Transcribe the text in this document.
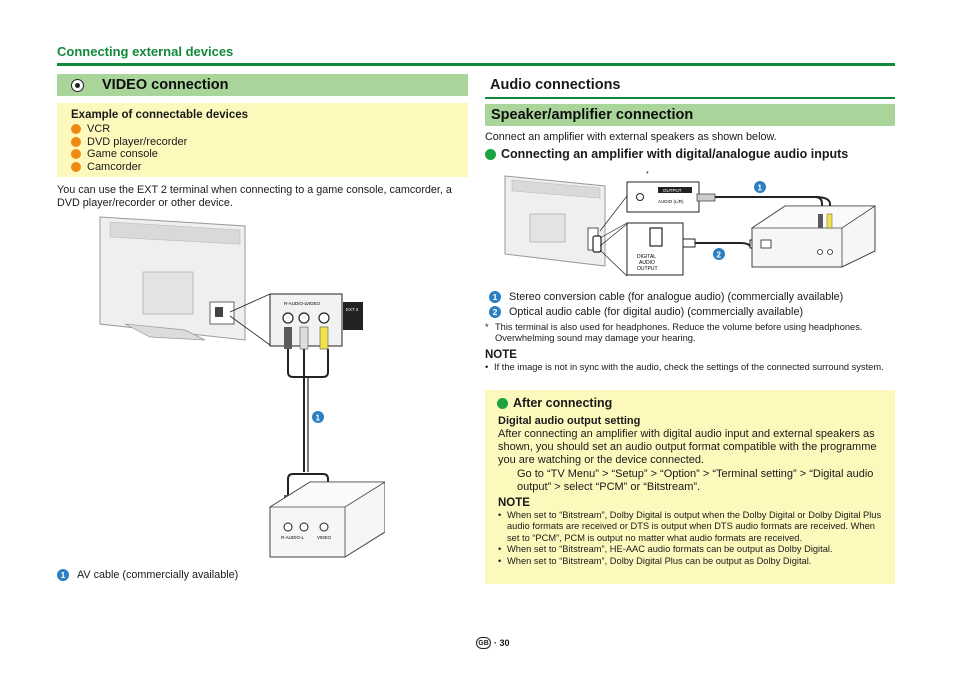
Connecting external devices
VIDEO connection
Example of connectable devices
VCR
DVD player/recorder
Game console
Camcorder
You can use the EXT 2 terminal when connecting to a game console, camcorder, a DVD player/recorder or other device.
R-AUDIO-L
VIDEO
EXT 2
1
R-AUDIO-L	VIDEO
1	AV cable (commercially available)
Audio connections
Speaker/amplifier connection
Connect an amplifier with external speakers as shown below.
Connecting an amplifier with digital/analogue audio inputs
*
OUTPUT
AUDIO (L/R)
1
DIGITAL
AUDIO
OUTPUT
2
1	Stereo conversion cable (for analogue audio) (commercially available)
2	Optical audio cable (for digital audio) (commercially available)
* This terminal is also used for headphones. Reduce the volume before using headphones. Overwhelming sound may damage your hearing.
NOTE
• If the image is not in sync with the audio, check the settings of the connected surround system.
After connecting
Digital audio output setting
After connecting an amplifier with digital audio input and external speakers as shown, you should set an audio output format compatible with the programme you are watching or the device connected.
Go to “TV Menu” > “Setup” > “Option” > “Terminal setting” > “Digital audio output” > select “PCM” or “Bitstream”.
NOTE
• When set to “Bitstream”, Dolby Digital is output when the Dolby Digital or Dolby Digital Plus audio formats are received or DTS is output when DTS audio formats are received. When set to “PCM”, PCM is output no matter what audio formats are received.
• When set to “Bitstream”, HE-AAC audio formats can be output as Dolby Digital.
• When set to “Bitstream”, Dolby Digital Plus can be output as Dolby Digital.
GB · 30
